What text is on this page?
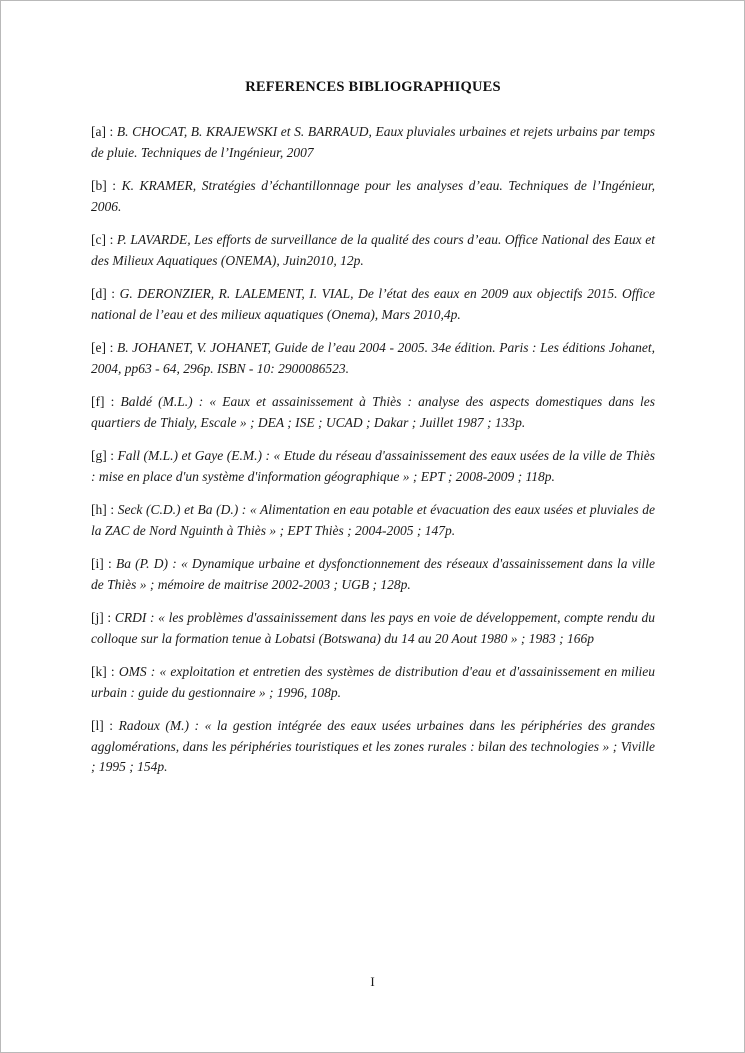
REFERENCES BIBLIOGRAPHIQUES

[a] : B. CHOCAT, B. KRAJEWSKI et S. BARRAUD, Eaux pluviales urbaines et rejets urbains par temps de pluie. Techniques de l’Ingénieur, 2007

[b] : K. KRAMER, Stratégies d’échantillonnage pour les analyses d’eau. Techniques de l’Ingénieur, 2006.

[c] : P. LAVARDE, Les efforts de surveillance de la qualité des cours d’eau. Office National des Eaux et des Milieux Aquatiques (ONEMA), Juin2010, 12p.

[d] : G. DERONZIER, R. LALEMENT, I. VIAL, De l’état des eaux en 2009 aux objectifs 2015. Office national de l’eau et des milieux aquatiques (Onema), Mars 2010,4p.

[e] : B. JOHANET, V. JOHANET, Guide de l’eau 2004 - 2005. 34e édition. Paris : Les éditions Johanet, 2004, pp63 - 64, 296p. ISBN - 10: 2900086523.

[f] : Baldé (M.L.) : « Eaux et assainissement à Thiès : analyse des aspects domestiques dans les quartiers de Thialy, Escale » ; DEA ; ISE ; UCAD ; Dakar ; Juillet 1987 ; 133p.

[g] : Fall (M.L.) et Gaye (E.M.) : « Etude du réseau d'assainissement des eaux usées de la ville de Thiès : mise en place d'un système d'information géographique » ; EPT ; 2008-2009 ; 118p.

[h] : Seck (C.D.) et Ba (D.) : « Alimentation en eau potable et évacuation des eaux usées et pluviales de la ZAC de Nord Nguinth à Thiès » ; EPT Thiès ; 2004-2005 ; 147p.

[i] : Ba (P. D) : « Dynamique urbaine et dysfonctionnement des réseaux d'assainissement dans la ville de Thiès » ; mémoire de maitrise 2002-2003 ; UGB ; 128p.

[j] : CRDI : « les problèmes d'assainissement dans les pays en voie de développement, compte rendu du colloque sur la formation tenue à Lobatsi (Botswana) du 14 au 20 Aout 1980 » ; 1983 ; 166p

[k] : OMS : « exploitation et entretien des systèmes de distribution d'eau et d'assainissement en milieu urbain : guide du gestionnaire » ; 1996, 108p.

[l] : Radoux (M.) : « la gestion intégrée des eaux usées urbaines dans les périphéries des grandes agglomérations, dans les périphéries touristiques et les zones rurales : bilan des technologies » ; Viville ; 1995 ; 154p.

I
